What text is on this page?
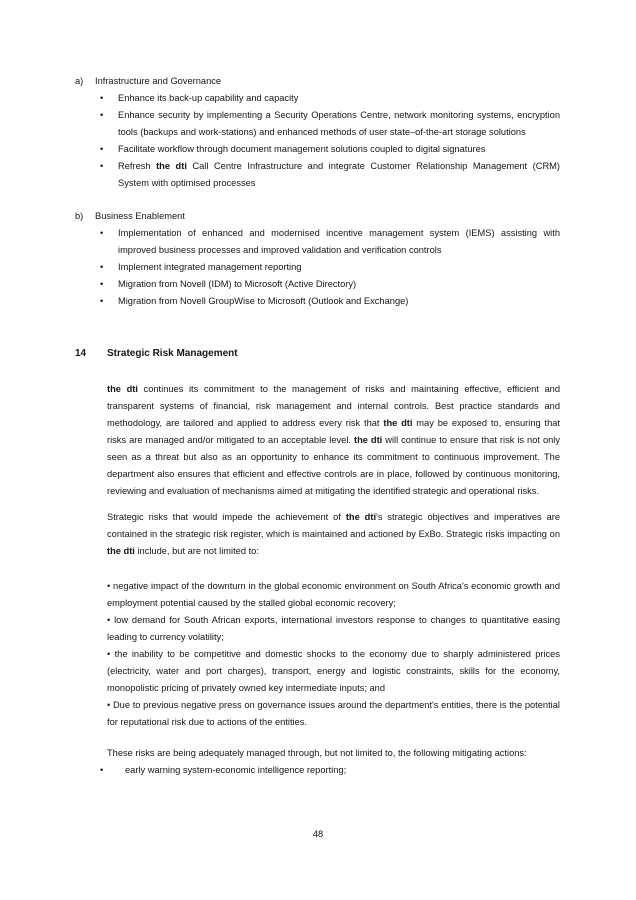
a)	Infrastructure and Governance
•	Enhance its back-up capability and capacity
•	Enhance security by implementing a Security Operations Centre, network monitoring systems, encryption tools (backups and work-stations) and enhanced methods of user state–of-the-art storage solutions
•	Facilitate workflow through document management solutions coupled to digital signatures
•	Refresh the dti Call Centre Infrastructure and integrate Customer Relationship Management (CRM) System with optimised processes
b)	Business Enablement
•	Implementation of enhanced and modernised incentive management system (IEMS) assisting with improved business processes and improved validation and verification controls
•	Implement integrated management reporting
•	Migration from Novell (IDM) to Microsoft (Active Directory)
•	Migration from Novell GroupWise to Microsoft (Outlook and Exchange)
14	Strategic Risk Management
the dti continues its commitment to the management of risks and maintaining effective, efficient and transparent systems of financial, risk management and internal controls. Best practice standards and methodology, are tailored and applied to address every risk that the dti may be exposed to, ensuring that risks are managed and/or mitigated to an acceptable level. the dti will continue to ensure that risk is not only seen as a threat but also as an opportunity to enhance its commitment to continuous improvement. The department also ensures that efficient and effective controls are in place, followed by continuous monitoring, reviewing and evaluation of mechanisms aimed at mitigating the identified strategic and operational risks.
Strategic risks that would impede the achievement of the dti's strategic objectives and imperatives are contained in the strategic risk register, which is maintained and actioned by ExBo. Strategic risks impacting on the dti include, but are not limited to:
• negative impact of the downturn in the global economic environment on South Africa's economic growth and employment potential caused by the stalled global economic recovery;
• low demand for South African exports, international investors response to changes to quantitative easing leading to currency volatility;
• the inability to be competitive and domestic shocks to the economy due to sharply administered prices (electricity, water and port charges), transport, energy and logistic constraints, skills for the economy, monopolistic pricing of privately owned key intermediate inputs; and
• Due to previous negative press on governance issues around the department's entities, there is the potential for reputational risk due to actions of the entities.
These risks are being adequately managed through, but not limited to, the following mitigating actions:
•	early warning system-economic intelligence reporting;
48
